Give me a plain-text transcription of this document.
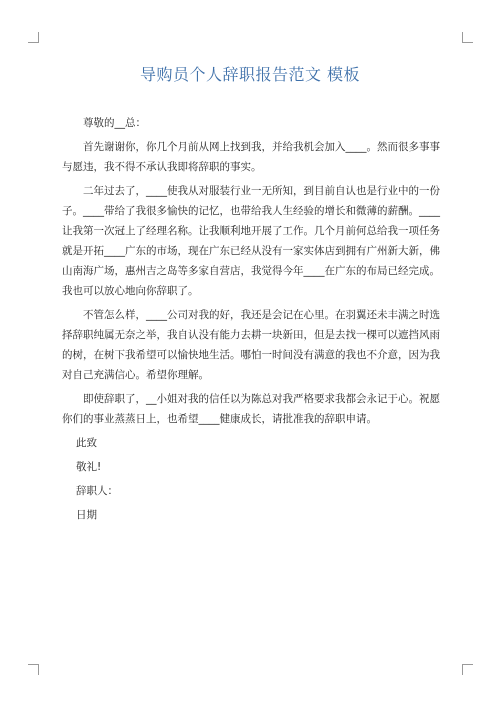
导购员个人辞职报告范文 模板

尊敬的__总：

首先谢谢你，你几个月前从网上找到我，并给我机会加入____。然而很多事事与愿违，我不得不承认我即将辞职的事实。

二年过去了，____使我从对服装行业一无所知，到目前自认也是行业中的一份子。____带给了我很多愉快的记忆，也带给我人生经验的增长和微薄的薪酬。____让我第一次冠上了经理名称。让我顺利地开展了工作。几个月前何总给我一项任务就是开拓____广东的市场，现在广东已经从没有一家实体店到拥有广州新大新，佛山南海广场，惠州吉之岛等多家自营店，我觉得今年____在广东的布局已经完成。我也可以放心地向你辞职了。

不管怎么样，____公司对我的好，我还是会记在心里。在羽翼还未丰满之时选择辞职纯属无奈之举，我自认没有能力去耕一块新田，但是去找一棵可以遮挡风雨的树，在树下我希望可以愉快地生活。哪怕一时间没有满意的我也不介意，因为我对自己充满信心。希望你理解。

即使辞职了，__小姐对我的信任以为陈总对我严格要求我都会永记于心。祝愿你们的事业蒸蒸日上，也希望____健康成长，请批准我的辞职申请。

此致

敬礼!

辞职人：

日期
